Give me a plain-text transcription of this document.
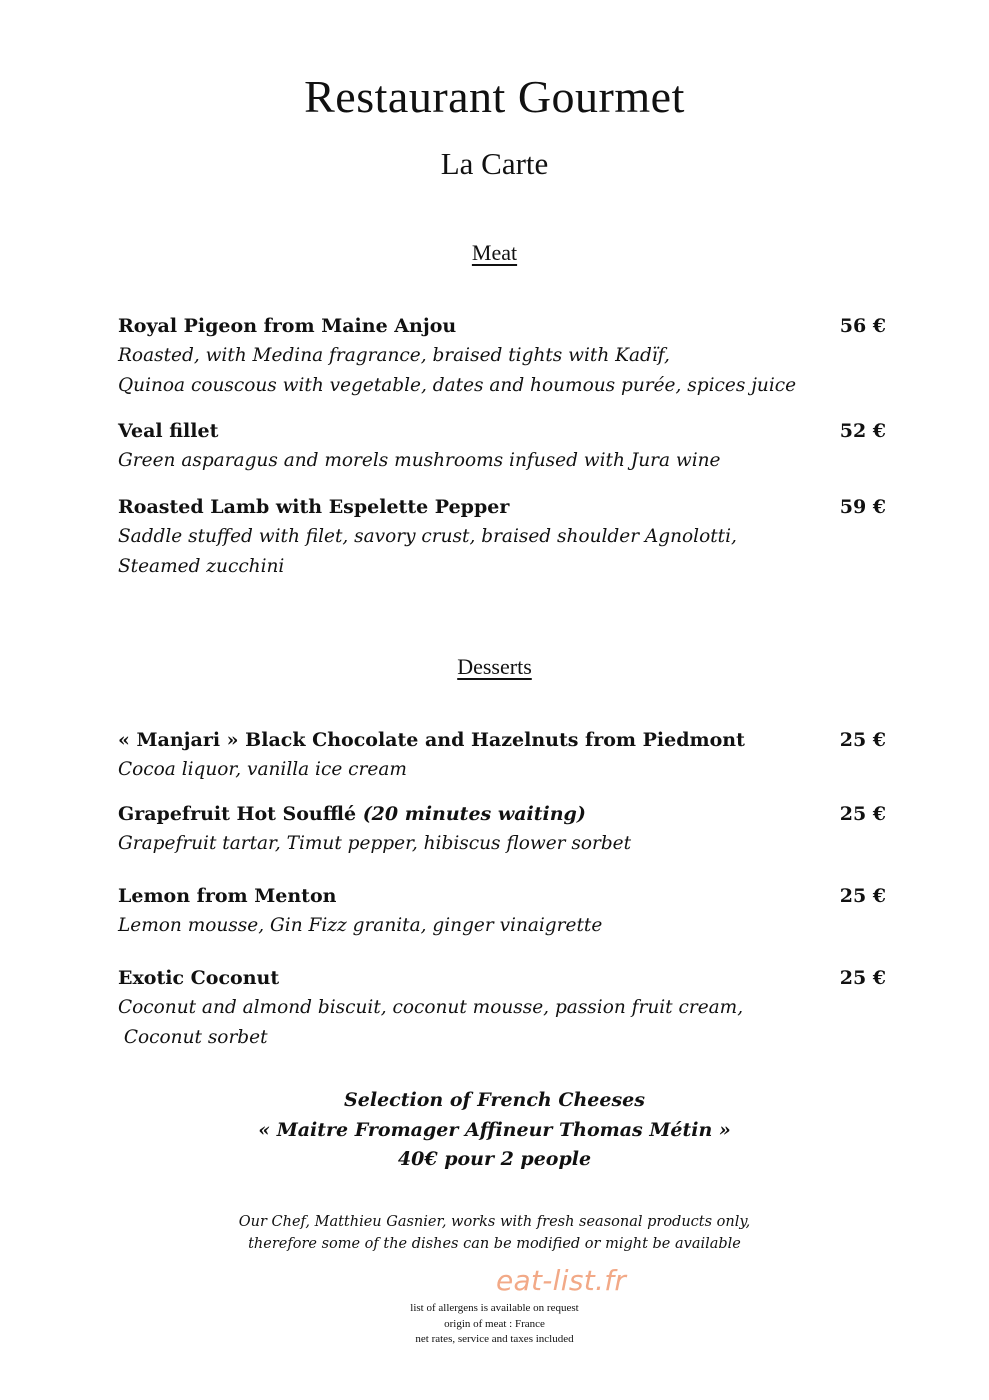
Restaurant Gourmet
La Carte
Meat
Royal Pigeon from Maine Anjou	56 €
Roasted, with Medina fragrance, braised tights with Kadïf,
Quinoa couscous with vegetable, dates and houmous purée, spices juice
Veal fillet	52 €
Green asparagus and morels mushrooms infused with Jura wine
Roasted Lamb with Espelette Pepper	59 €
Saddle stuffed with filet, savory crust, braised shoulder Agnolotti,
Steamed zucchini
Desserts
« Manjari » Black Chocolate and Hazelnuts from Piedmont	25 €
Cocoa liquor, vanilla ice cream
Grapefruit Hot Soufflé (20 minutes waiting)	25 €
Grapefruit tartar, Timut pepper, hibiscus flower sorbet
Lemon from Menton	25 €
Lemon mousse, Gin Fizz granita, ginger vinaigrette
Exotic Coconut	25 €
Coconut and almond biscuit, coconut mousse, passion fruit cream,
Coconut sorbet
Selection of French Cheeses
« Maitre Fromager Affineur Thomas Métin »
40€ pour 2 people
Our Chef, Matthieu Gasnier, works with fresh seasonal products only,
therefore some of the dishes can be modified or might be available
eat-list.fr
list of allergens is available on request
origin of meat : France
net rates, service and taxes included
